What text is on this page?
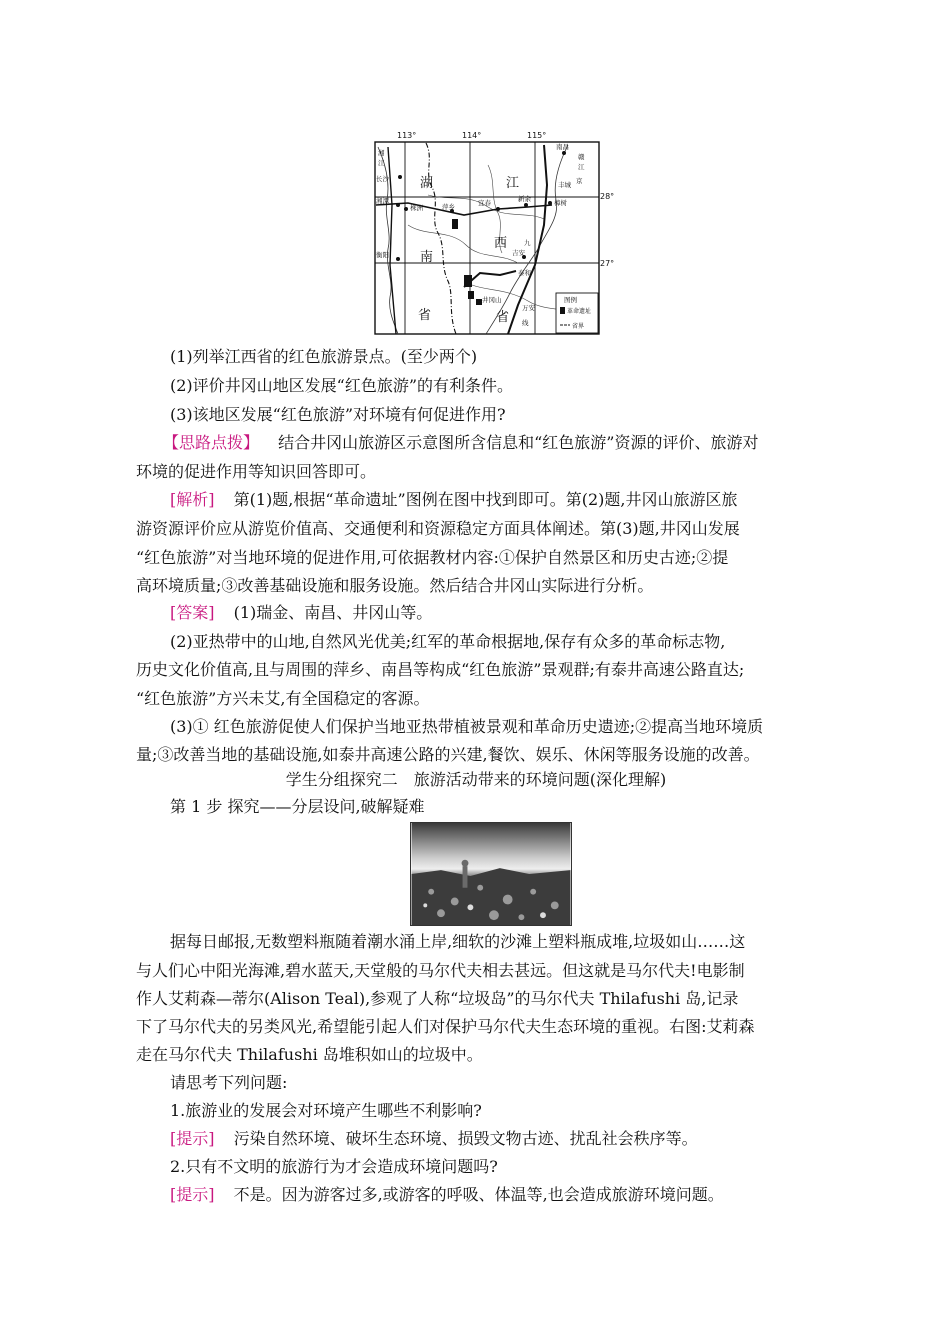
113°	114°	115°
28°
27°
湖
南
省
江
西
省
南昌
长沙
湘潭
株洲	萍乡	宜春	新余	樟树
衡阳	吉安
泰和
井冈山
万安
丰城
九
湘
江
赣
江
京
线
图例
革命遗址
省界
(1)列举江西省的红色旅游景点。(至少两个)
(2)评价井冈山地区发展“红色旅游”的有利条件。
(3)该地区发展“红色旅游”对环境有何促进作用?
【思路点拨】 结合井冈山旅游区示意图所含信息和“红色旅游”资源的评价、旅游对
环境的促进作用等知识回答即可。
[解析] 第(1)题,根据“革命遗址”图例在图中找到即可。第(2)题,井冈山旅游区旅
游资源评价应从游览价值高、交通便利和资源稳定方面具体阐述。第(3)题,井冈山发展
“红色旅游”对当地环境的促进作用,可依据教材内容:①保护自然景区和历史古迹;②提
高环境质量;③改善基础设施和服务设施。然后结合井冈山实际进行分析。
[答案] (1)瑞金、南昌、井冈山等。
(2)亚热带中的山地,自然风光优美;红军的革命根据地,保存有众多的革命标志物,
历史文化价值高,且与周围的萍乡、南昌等构成“红色旅游”景观群;有泰井高速公路直达;
“红色旅游”方兴未艾,有全国稳定的客源。
(3)① 红色旅游促使人们保护当地亚热带植被景观和革命历史遗迹;②提高当地环境质
量;③改善当地的基础设施,如泰井高速公路的兴建,餐饮、娱乐、休闲等服务设施的改善。
学生分组探究二　旅游活动带来的环境问题(深化理解)
第 1 步 探究——分层设问,破解疑难
据每日邮报,无数塑料瓶随着潮水涌上岸,细软的沙滩上塑料瓶成堆,垃圾如山……这
与人们心中阳光海滩,碧水蓝天,天堂般的马尔代夫相去甚远。但这就是马尔代夫!电影制
作人艾莉森—蒂尔(Alison Teal),参观了人称“垃圾岛”的马尔代夫 Thilafushi 岛,记录
下了马尔代夫的另类风光,希望能引起人们对保护马尔代夫生态环境的重视。右图:艾莉森
走在马尔代夫 Thilafushi 岛堆积如山的垃圾中。
请思考下列问题:
1.旅游业的发展会对环境产生哪些不利影响?
[提示] 污染自然环境、破坏生态环境、损毁文物古迹、扰乱社会秩序等。
2.只有不文明的旅游行为才会造成环境问题吗?
[提示] 不是。因为游客过多,或游客的呼吸、体温等,也会造成旅游环境问题。
